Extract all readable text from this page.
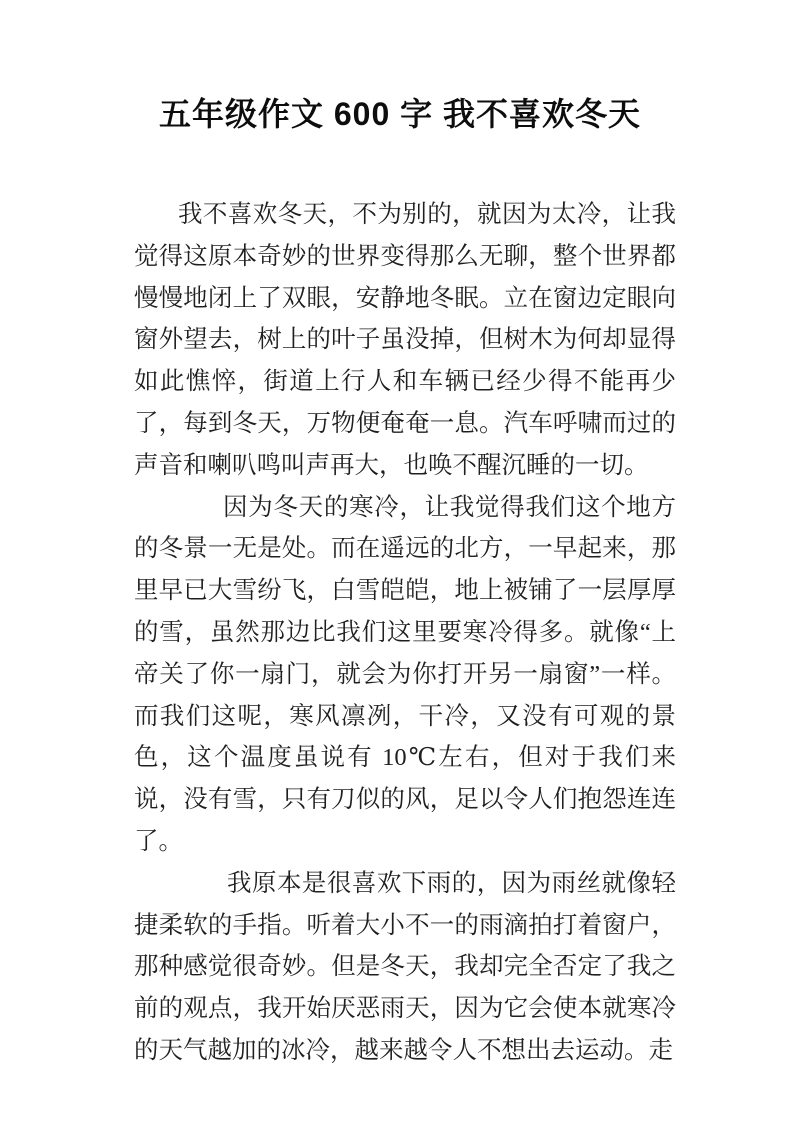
五年级作文 600 字 我不喜欢冬天

我不喜欢冬天，不为别的，就因为太冷，让我觉得这原本奇妙的世界变得那么无聊，整个世界都慢慢地闭上了双眼，安静地冬眠。立在窗边定眼向窗外望去，树上的叶子虽没掉，但树木为何却显得如此憔悴，街道上行人和车辆已经少得不能再少了，每到冬天，万物便奄奄一息。汽车呼啸而过的声音和喇叭鸣叫声再大，也唤不醒沉睡的一切。

因为冬天的寒冷，让我觉得我们这个地方的冬景一无是处。而在遥远的北方，一早起来，那里早已大雪纷飞，白雪皑皑，地上被铺了一层厚厚的雪，虽然那边比我们这里要寒冷得多。就像“上帝关了你一扇门，就会为你打开另一扇窗”一样。而我们这呢，寒风凛冽，干冷，又没有可观的景色，这个温度虽说有 10℃左右，但对于我们来说，没有雪，只有刀似的风，足以令人们抱怨连连了。

我原本是很喜欢下雨的，因为雨丝就像轻捷柔软的手指。听着大小不一的雨滴拍打着窗户，那种感觉很奇妙。但是冬天，我却完全否定了我之前的观点，我开始厌恶雨天，因为它会使本就寒冷的天气越加的冰冷，越来越令人不想出去运动。走
